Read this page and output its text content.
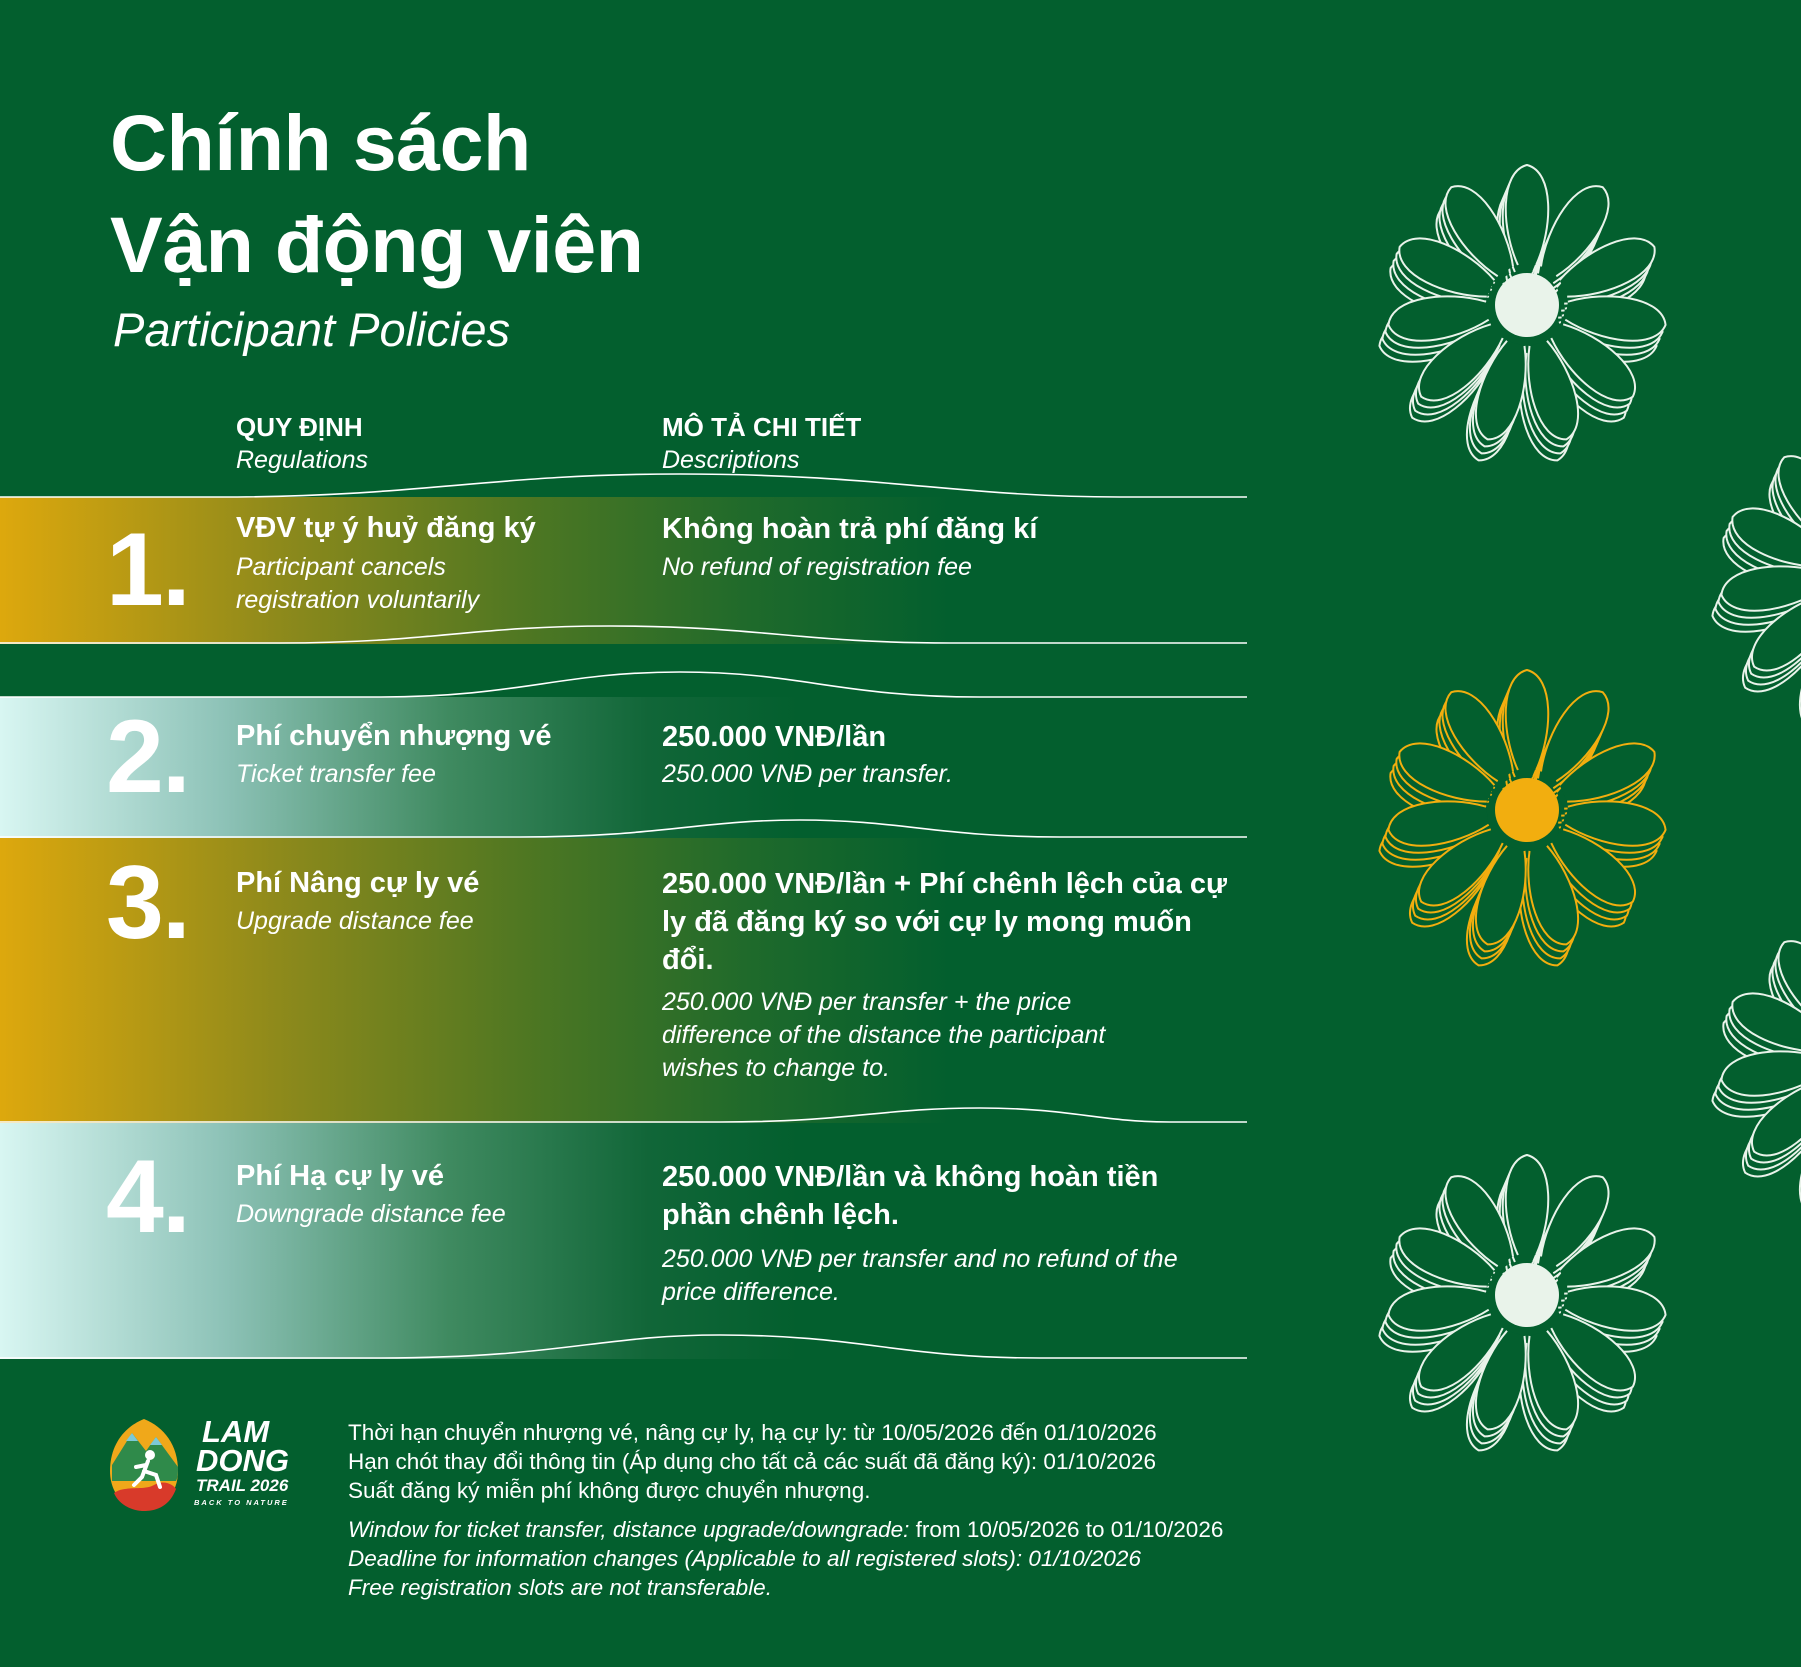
Chính sách
Vận động viên
Participant Policies
QUY ĐỊNH
Regulations
MÔ TẢ CHI TIẾT
Descriptions
1. VĐV tự ý huỷ đăng ký
Participant cancels registration voluntarily
Không hoàn trả phí đăng kí
No refund of registration fee
2. Phí chuyển nhượng vé
Ticket transfer fee
250.000 VNĐ/lần
250.000 VNĐ per transfer.
3. Phí Nâng cự ly vé
Upgrade distance fee
250.000 VNĐ/lần + Phí chênh lệch của cự ly đã đăng ký so với cự ly mong muốn đổi.
250.000 VNĐ per transfer + the price difference of the distance the participant wishes to change to.
4. Phí Hạ cự ly vé
Downgrade distance fee
250.000 VNĐ/lần và không hoàn tiền phần chênh lệch.
250.000 VNĐ per transfer and no refund of the price difference.
LAM
DONG
TRAIL 2026
BACK TO NATURE
Thời hạn chuyển nhượng vé, nâng cự ly, hạ cự ly: từ 10/05/2026 đến 01/10/2026
Hạn chót thay đổi thông tin (Áp dụng cho tất cả các suất đã đăng ký): 01/10/2026
Suất đăng ký miễn phí không được chuyển nhượng.
Window for ticket transfer, distance upgrade/downgrade: from 10/05/2026 to 01/10/2026
Deadline for information changes (Applicable to all registered slots): 01/10/2026
Free registration slots are not transferable.
